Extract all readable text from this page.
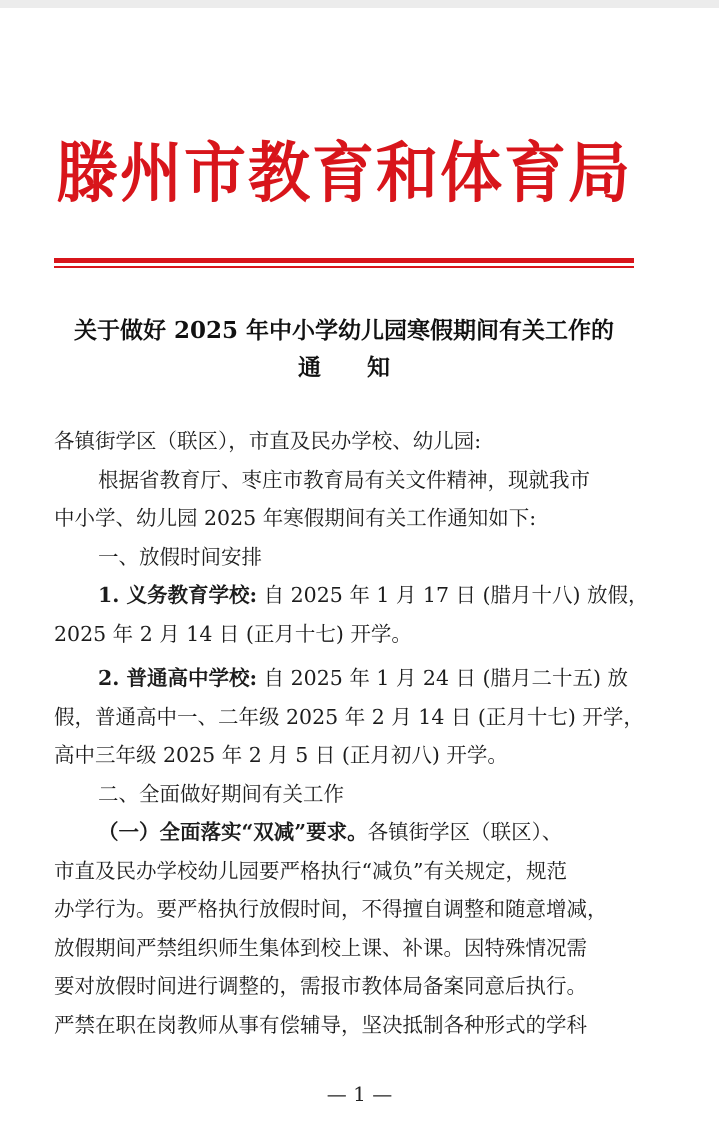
滕州市教育和体育局
关于做好 2025 年中小学幼儿园寒假期间有关工作的
通　　知
各镇街学区（联区），市直及民办学校、幼儿园:
根据省教育厅、枣庄市教育局有关文件精神，现就我市
中小学、幼儿园 2025 年寒假期间有关工作通知如下:
一、放假时间安排
1. 义务教育学校: 自 2025 年 1 月 17 日 (腊月十八) 放假，
2025 年 2 月 14 日 (正月十七) 开学。
2. 普通高中学校: 自 2025 年 1 月 24 日 (腊月二十五) 放
假，普通高中一、二年级 2025 年 2 月 14 日 (正月十七) 开学，
高中三年级 2025 年 2 月 5 日 (正月初八) 开学。
二、全面做好期间有关工作
（一）全面落实“双减”要求。各镇街学区（联区）、
市直及民办学校幼儿园要严格执行“减负”有关规定，规范
办学行为。要严格执行放假时间，不得擅自调整和随意增减，
放假期间严禁组织师生集体到校上课、补课。因特殊情况需
要对放假时间进行调整的，需报市教体局备案同意后执行。
严禁在职在岗教师从事有偿辅导，坚决抵制各种形式的学科
— 1 —
